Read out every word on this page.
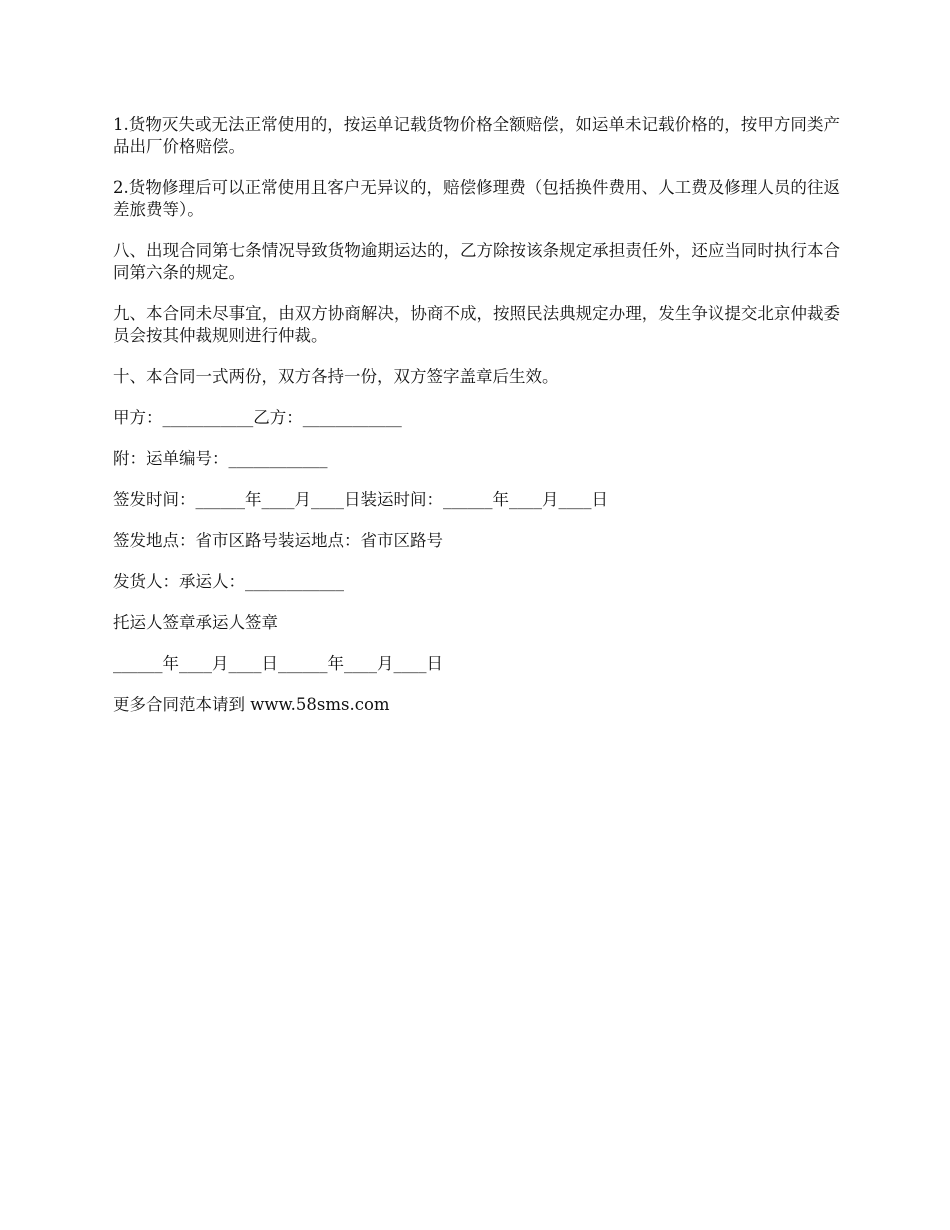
1.货物灭失或无法正常使用的，按运单记载货物价格全额赔偿，如运单未记载价格的，按甲方同类产品出厂价格赔偿。

2.货物修理后可以正常使用且客户无异议的，赔偿修理费（包括换件费用、人工费及修理人员的往返差旅费等）。

八、出现合同第七条情况导致货物逾期运达的，乙方除按该条规定承担责任外，还应当同时执行本合同第六条的规定。

九、本合同未尽事宜，由双方协商解决，协商不成，按照民法典规定办理，发生争议提交北京仲裁委员会按其仲裁规则进行仲裁。

十、本合同一式两份，双方各持一份，双方签字盖章后生效。

甲方：___________乙方：____________

附：运单编号：____________

签发时间：______年____月____日装运时间：______年____月____日

签发地点：省市区路号装运地点：省市区路号

发货人：承运人：____________

托运人签章承运人签章

______年____月____日______年____月____日

更多合同范本请到 www.58sms.com
